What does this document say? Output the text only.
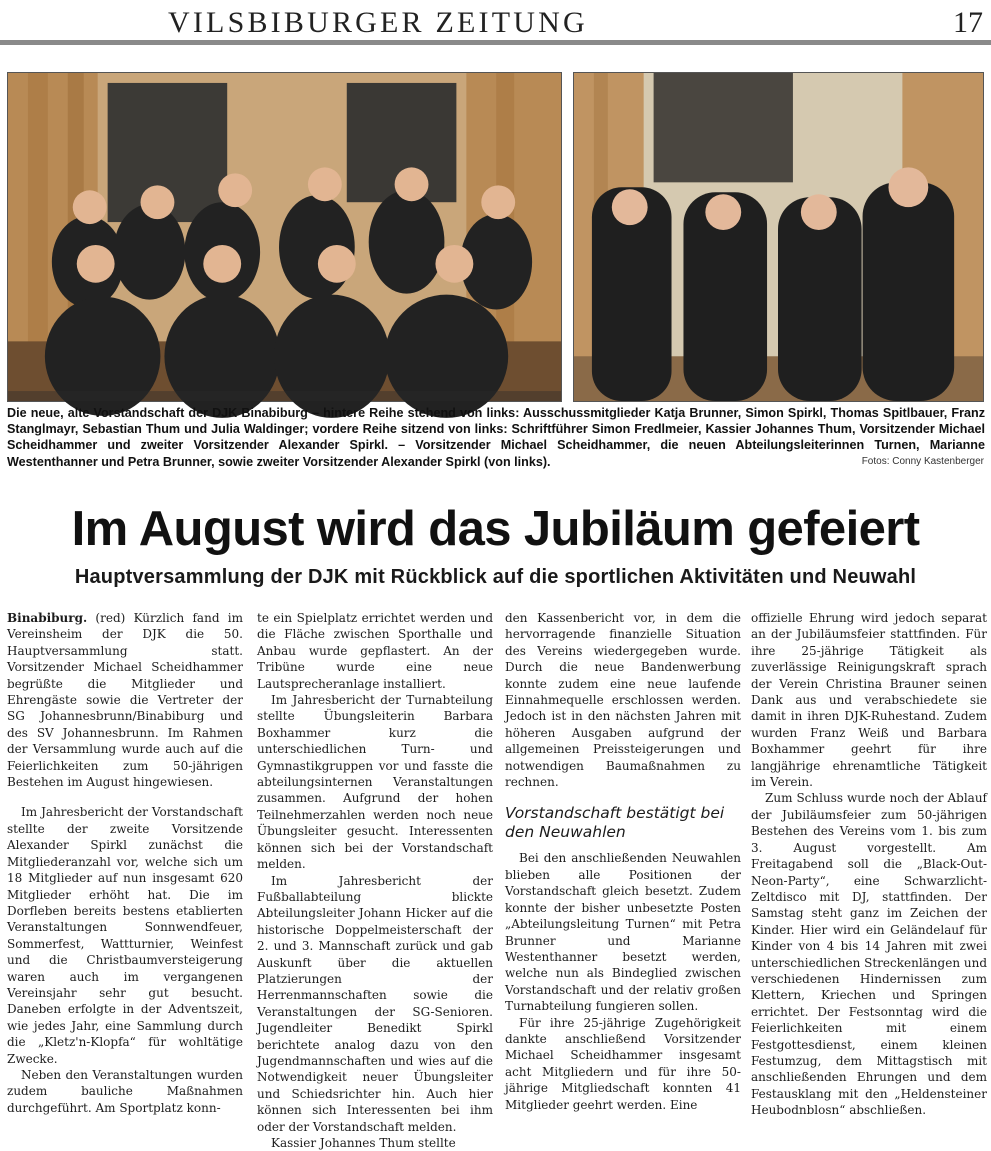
VILSBIBURGER ZEITUNG	17
Die neue, alte Vorstandschaft der DJK Binabiburg – hintere Reihe stehend von links: Ausschussmitglieder Katja Brunner, Simon Spirkl, Thomas Spitlbauer, Franz Stanglmayr, Sebastian Thum und Julia Waldinger; vordere Reihe sitzend von links: Schriftführer Simon Fredlmeier, Kassier Johannes Thum, Vorsitzender Michael Scheidhammer und zweiter Vorsitzender Alexander Spirkl. – Vorsitzender Michael Scheidhammer, die neuen Abteilungsleiterinnen Turnen, Marianne Westenthanner und Petra Brunner, sowie zweiter Vorsitzender Alexander Spirkl (von links).	Fotos: Conny Kastenberger
Im August wird das Jubiläum gefeiert
Hauptversammlung der DJK mit Rückblick auf die sportlichen Aktivitäten und Neuwahl

Binabiburg. (red) Kürzlich fand im Vereinsheim der DJK die 50. Hauptversammlung statt. Vorsitzender Michael Scheidhammer begrüßte die Mitglieder und Ehrengäste sowie die Vertreter der SG Johannesbrunn/Binabiburg und des SV Johannesbrunn. Im Rahmen der Versammlung wurde auch auf die Feierlichkeiten zum 50-jährigen Bestehen im August hingewiesen.

Im Jahresbericht der Vorstandschaft stellte der zweite Vorsitzende Alexander Spirkl zunächst die Mitgliederanzahl vor, welche sich um 18 Mitglieder auf nun insgesamt 620 Mitglieder erhöht hat. Die im Dorfleben bereits bestens etablierten Veranstaltungen Sonnwendfeuer, Sommerfest, Wattturnier, Weinfest und die Christbaumversteigerung waren auch im vergangenen Vereinsjahr sehr gut besucht. Daneben erfolgte in der Adventszeit, wie jedes Jahr, eine Sammlung durch die „Kletz'n-Klopfa“ für wohltätige Zwecke.

Neben den Veranstaltungen wurden zudem bauliche Maßnahmen durchgeführt. Am Sportplatz konn-

te ein Spielplatz errichtet werden und die Fläche zwischen Sporthalle und Anbau wurde gepflastert. An der Tribüne wurde eine neue Lautsprecheranlage installiert.

Im Jahresbericht der Turnabteilung stellte Übungsleiterin Barbara Boxhammer kurz die unterschiedlichen Turn- und Gymnastikgruppen vor und fasste die abteilungsinternen Veranstaltungen zusammen. Aufgrund der hohen Teilnehmerzahlen werden noch neue Übungsleiter gesucht. Interessenten können sich bei der Vorstandschaft melden.

Im Jahresbericht der Fußballabteilung blickte Abteilungsleiter Johann Hicker auf die historische Doppelmeisterschaft der 2. und 3. Mannschaft zurück und gab Auskunft über die aktuellen Platzierungen der Herrenmannschaften sowie die Veranstaltungen der SG-Senioren. Jugendleiter Benedikt Spirkl berichtete analog dazu von den Jugendmannschaften und wies auf die Notwendigkeit neuer Übungsleiter und Schiedsrichter hin. Auch hier können sich Interessenten bei ihm oder der Vorstandschaft melden.

Kassier Johannes Thum stellte

den Kassenbericht vor, in dem die hervorragende finanzielle Situation des Vereins wiedergegeben wurde. Durch die neue Bandenwerbung konnte zudem eine neue laufende Einnahmequelle erschlossen werden. Jedoch ist in den nächsten Jahren mit höheren Ausgaben aufgrund der allgemeinen Preissteigerungen und notwendigen Baumaßnahmen zu rechnen.

Vorstandschaft bestätigt bei den Neuwahlen

Bei den anschließenden Neuwahlen blieben alle Positionen der Vorstandschaft gleich besetzt. Zudem konnte der bisher unbesetzte Posten „Abteilungsleitung Turnen“ mit Petra Brunner und Marianne Westenthanner besetzt werden, welche nun als Bindeglied zwischen Vorstandschaft und der relativ großen Turnabteilung fungieren sollen.

Für ihre 25-jährige Zugehörigkeit dankte anschließend Vorsitzender Michael Scheidhammer insgesamt acht Mitgliedern und für ihre 50-jährige Mitgliedschaft konnten 41 Mitglieder geehrt werden. Eine

offizielle Ehrung wird jedoch separat an der Jubiläumsfeier stattfinden. Für ihre 25-jährige Tätigkeit als zuverlässige Reinigungskraft sprach der Verein Christina Brauner seinen Dank aus und verabschiedete sie damit in ihren DJK-Ruhestand. Zudem wurden Franz Weiß und Barbara Boxhammer geehrt für ihre langjährige ehrenamtliche Tätigkeit im Verein.

Zum Schluss wurde noch der Ablauf der Jubiläumsfeier zum 50-jährigen Bestehen des Vereins vom 1. bis zum 3. August vorgestellt. Am Freitagabend soll die „Black-Out-Neon-Party“, eine Schwarzlicht-Zeltdisco mit DJ, stattfinden. Der Samstag steht ganz im Zeichen der Kinder. Hier wird ein Geländelauf für Kinder von 4 bis 14 Jahren mit zwei unterschiedlichen Streckenlängen und verschiedenen Hindernissen zum Klettern, Kriechen und Springen errichtet. Der Festsonntag wird die Feierlichkeiten mit einem Festgottesdienst, einem kleinen Festumzug, dem Mittagstisch mit anschließenden Ehrungen und dem Festausklang mit den „Heldensteiner Heubodnblosn“ abschließen.
